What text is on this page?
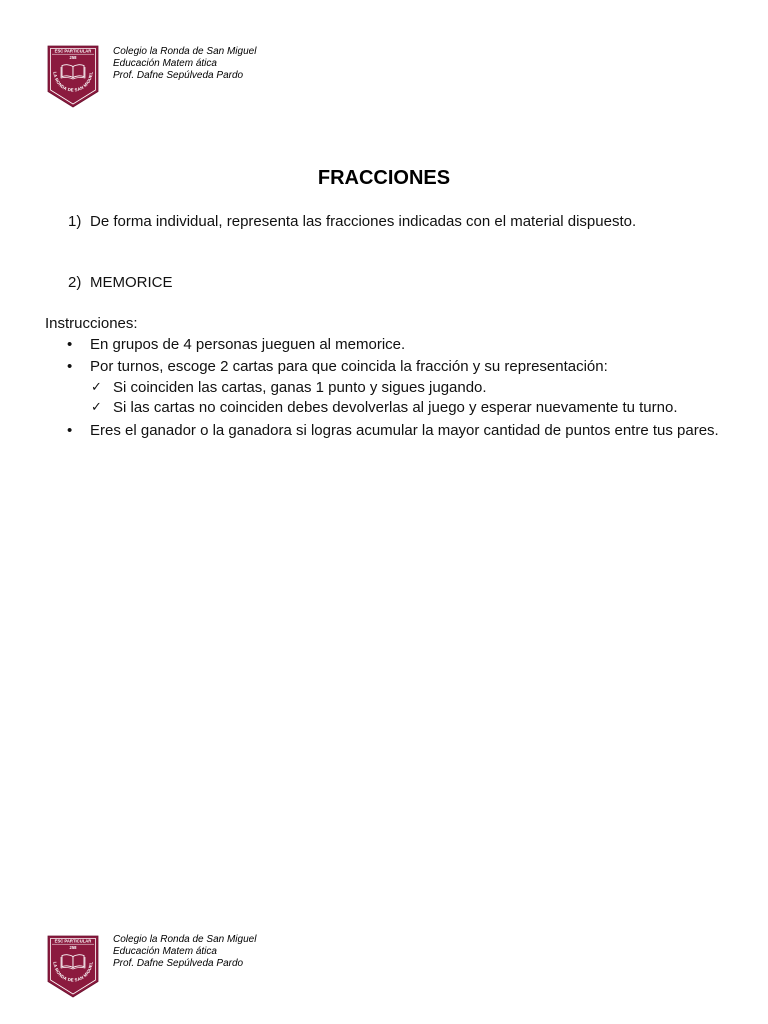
ESC PARTICULAR
258
LA RONDA DE SAN MIGUEL
Colegio la Ronda de San Miguel
Educación Matem ática
Prof. Dafne Sepúlveda Pardo
FRACCIONES
1) De forma individual, representa las fracciones indicadas con el material dispuesto.
2) MEMORICE
Instrucciones:
• En grupos de 4 personas jueguen al memorice.
• Por turnos, escoge 2 cartas para que coincida la fracción y su representación:
✓ Si coinciden las cartas, ganas 1 punto y sigues jugando.
✓ Si las cartas no coinciden debes devolverlas al juego y esperar nuevamente tu turno.
• Eres el ganador o la ganadora si logras acumular la mayor cantidad de puntos entre tus pares.
ESC PARTICULAR
258
LA RONDA DE SAN MIGUEL
Colegio la Ronda de San Miguel
Educación Matem ática
Prof. Dafne Sepúlveda Pardo
